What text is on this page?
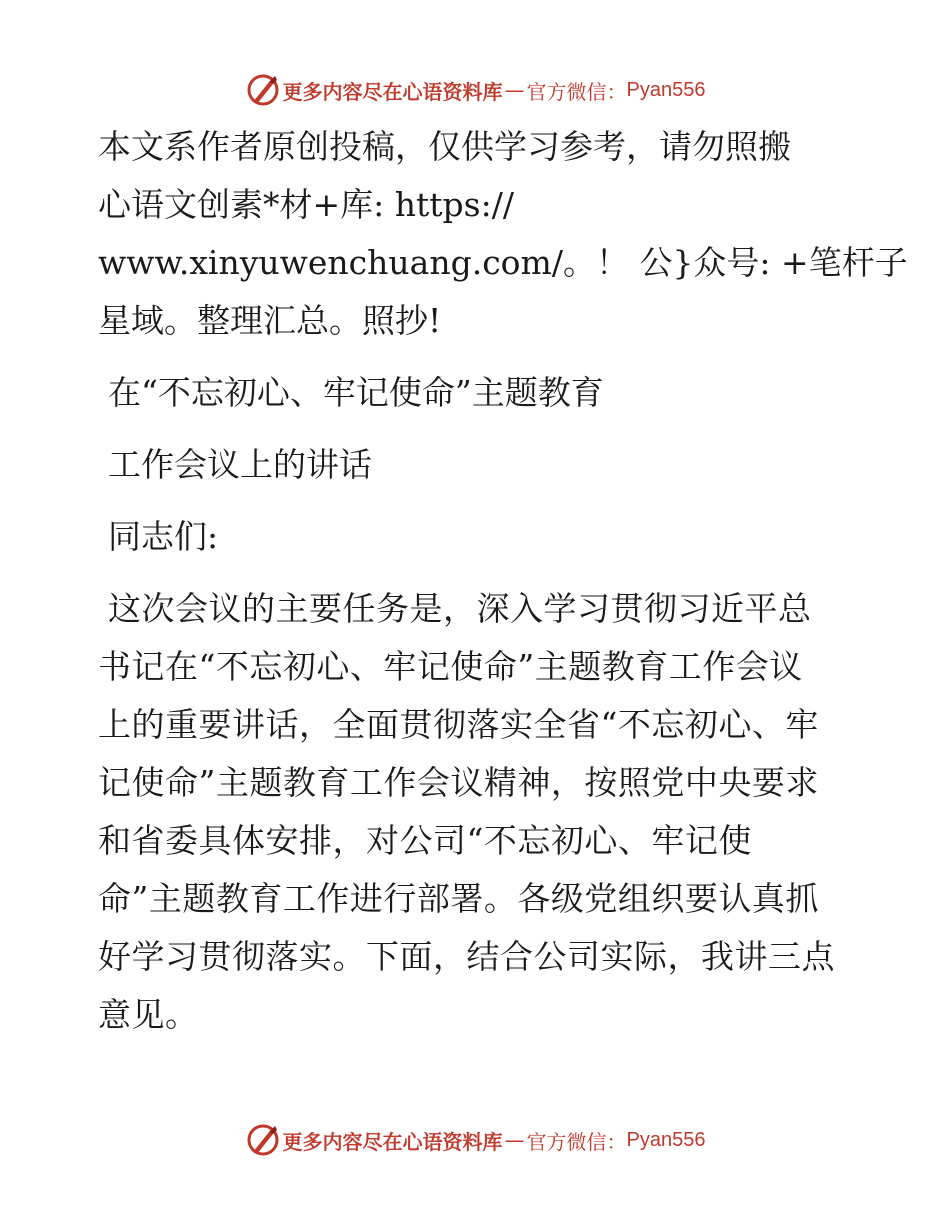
更多内容尽在心语资料库 — 官方微信： Pyan556

本文系作者原创投稿，仅供学习参考，请勿照搬
心语文创素*材+库: https://
www.xinyuwenchuang.com/。！ 公}众号: +笔杆子
星域。整理汇总。照抄!

在“不忘初心、牢记使命”主题教育

工作会议上的讲话

同志们:

这次会议的主要任务是，深入学习贯彻习近平总
书记在“不忘初心、牢记使命”主题教育工作会议
上的重要讲话，全面贯彻落实全省“不忘初心、牢
记使命”主题教育工作会议精神，按照党中央要求
和省委具体安排，对公司“不忘初心、牢记使
命”主题教育工作进行部署。各级党组织要认真抓
好学习贯彻落实。下面，结合公司实际，我讲三点
意见。

更多内容尽在心语资料库 — 官方微信： Pyan556
